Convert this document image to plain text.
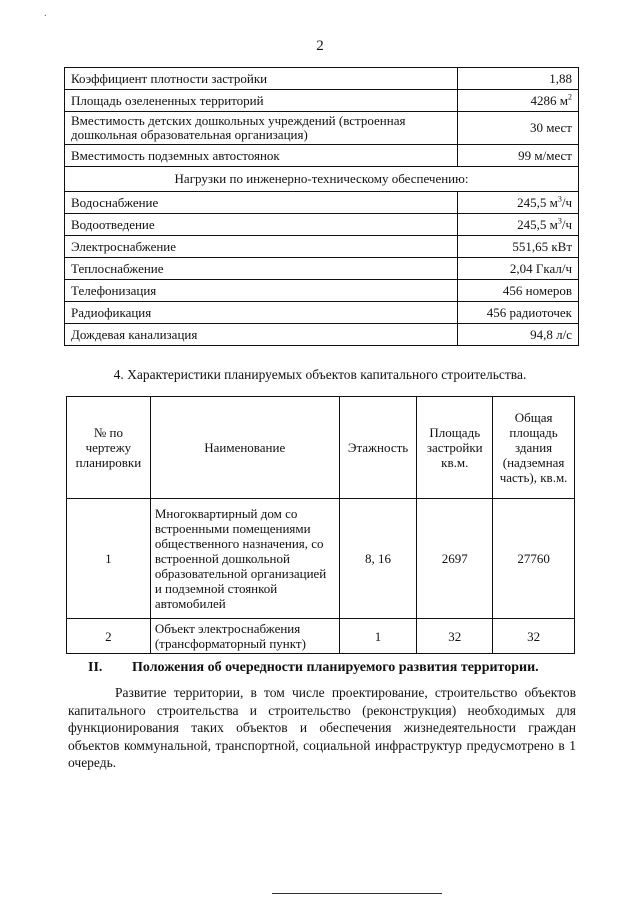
.
2
Коэффициент плотности застройки	1,88
Площадь озелененных территорий	4286 $м^2$
Вместимость детских дошкольных учреждений (встроенная дошкольная образовательная организация)	30 мест
Вместимость подземных автостоянок	99 м/мест
Нагрузки по инженерно-техническому обеспечению:	
Водоснабжение	245,5 $м^3/ч$
Водоотведение	245,5 $м^3/ч$
Электроснабжение	551,65 кВт
Теплоснабжение	2,04 Гкал/ч
Телефонизация	456 номеров
Радиофикация	456 радиоточек
Дождевая канализация	94,8 л/с
4. Характеристики планируемых объектов капитального строительства.
№ по чертежу планировки	Наименование	Этажность	Площадь застройки кв.м.	Общая площадь здания (надземная часть), кв.м.
1	Многоквартирный дом со встроенными помещениями общественного назначения, со встроенной дошкольной образовательной организацией и подземной стоянкой автомобилей	8, 16	2697	27760
2	Объект электроснабжения (трансформаторный пункт)	1	32	32
II. Положения об очередности планируемого развития территории.
Развитие территории, в том числе проектирование, строительство объектов капитального строительства и строительство (реконструкция) необходимых для функционирования таких объектов и обеспечения жизнедеятельности граждан объектов коммунальной, транспортной, социальной инфраструктур предусмотрено в 1 очередь.
